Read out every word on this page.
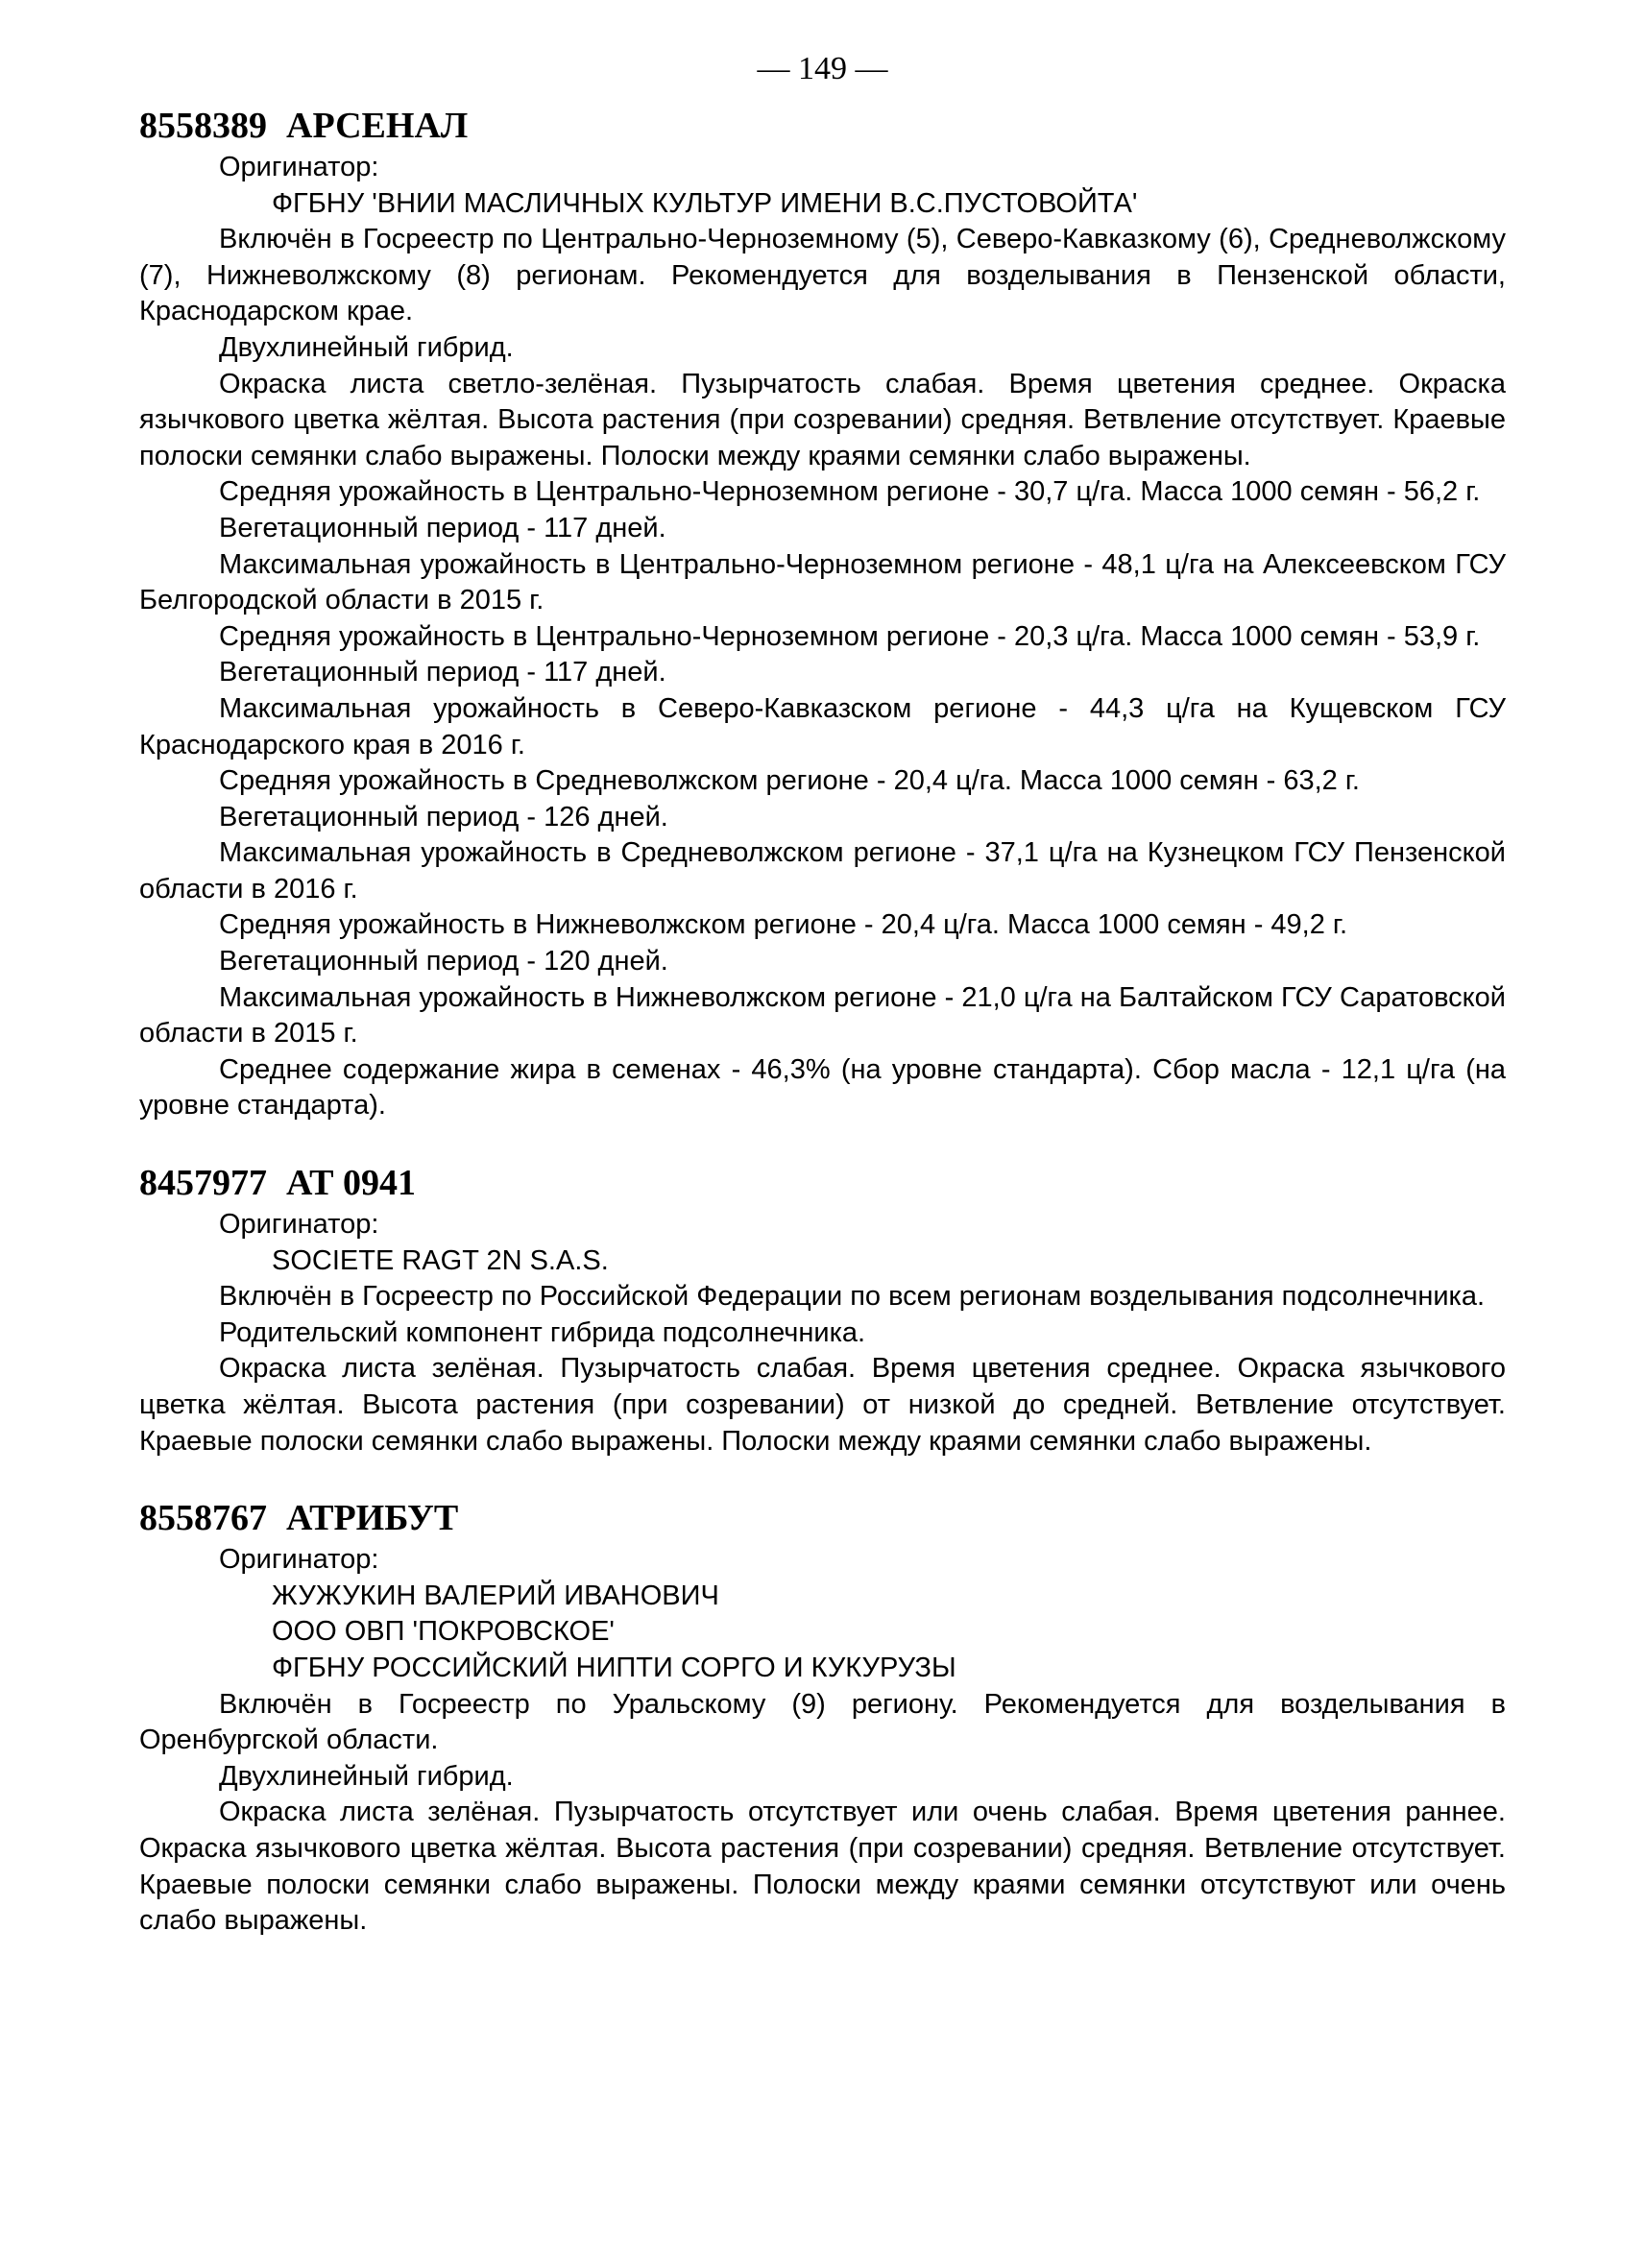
— 149 —
8558389 АРСЕНАЛ
Оригинатор:
ФГБНУ 'ВНИИ МАСЛИЧНЫХ КУЛЬТУР ИМЕНИ В.С.ПУСТОВОЙТА'
Включён в Госреестр по Центрально-Черноземному (5), Северо-Кавказкому (6), Средневолжскому (7), Нижневолжскому (8) регионам. Рекомендуется для возделывания в Пензенской области, Краснодарском крае.
Двухлинейный гибрид.
Окраска листа светло-зелёная. Пузырчатость слабая. Время цветения среднее. Окраска язычкового цветка жёлтая. Высота растения (при созревании) средняя. Ветвление отсутствует. Краевые полоски семянки слабо выражены. Полоски между краями семянки слабо выражены.
Средняя урожайность в Центрально-Черноземном регионе - 30,7 ц/га. Масса 1000 семян - 56,2 г.
Вегетационный период - 117 дней.
Максимальная урожайность в Центрально-Черноземном регионе - 48,1 ц/га на Алексеевском ГСУ Белгородской области в 2015 г.
Средняя урожайность в Центрально-Черноземном регионе - 20,3 ц/га. Масса 1000 семян - 53,9 г.
Вегетационный период - 117 дней.
Максимальная урожайность в Северо-Кавказском регионе - 44,3 ц/га на Кущевском ГСУ Краснодарского края в 2016 г.
Средняя урожайность в Средневолжском регионе - 20,4 ц/га. Масса 1000 семян - 63,2 г.
Вегетационный период - 126 дней.
Максимальная урожайность в Средневолжском регионе - 37,1 ц/га на Кузнецком ГСУ Пензенской области в 2016 г.
Средняя урожайность в Нижневолжском регионе - 20,4 ц/га. Масса 1000 семян - 49,2 г.
Вегетационный период - 120 дней.
Максимальная урожайность в Нижневолжском регионе - 21,0 ц/га на Балтайском ГСУ Саратовской области в 2015 г.
Среднее содержание жира в семенах - 46,3% (на уровне стандарта). Сбор масла - 12,1 ц/га (на уровне стандарта).
8457977 АТ 0941
Оригинатор:
SOCIETE RAGT 2N S.A.S.
Включён в Госреестр по Российской Федерации по всем регионам возделывания подсолнечника.
Родительский компонент гибрида подсолнечника.
Окраска листа зелёная. Пузырчатость слабая. Время цветения среднее. Окраска язычкового цветка жёлтая. Высота растения (при созревании) от низкой до средней. Ветвление отсутствует. Краевые полоски семянки слабо выражены. Полоски между краями семянки слабо выражены.
8558767 АТРИБУТ
Оригинатор:
ЖУЖУКИН ВАЛЕРИЙ ИВАНОВИЧ
ООО ОВП 'ПОКРОВСКОЕ'
ФГБНУ РОССИЙСКИЙ НИПТИ СОРГО И КУКУРУЗЫ
Включён в Госреестр по Уральскому (9) региону. Рекомендуется для возделывания в Оренбургской области.
Двухлинейный гибрид.
Окраска листа зелёная. Пузырчатость отсутствует или очень слабая. Время цветения раннее. Окраска язычкового цветка жёлтая. Высота растения (при созревании) средняя. Ветвление отсутствует. Краевые полоски семянки слабо выражены. Полоски между краями семянки отсутствуют или очень слабо выражены.
